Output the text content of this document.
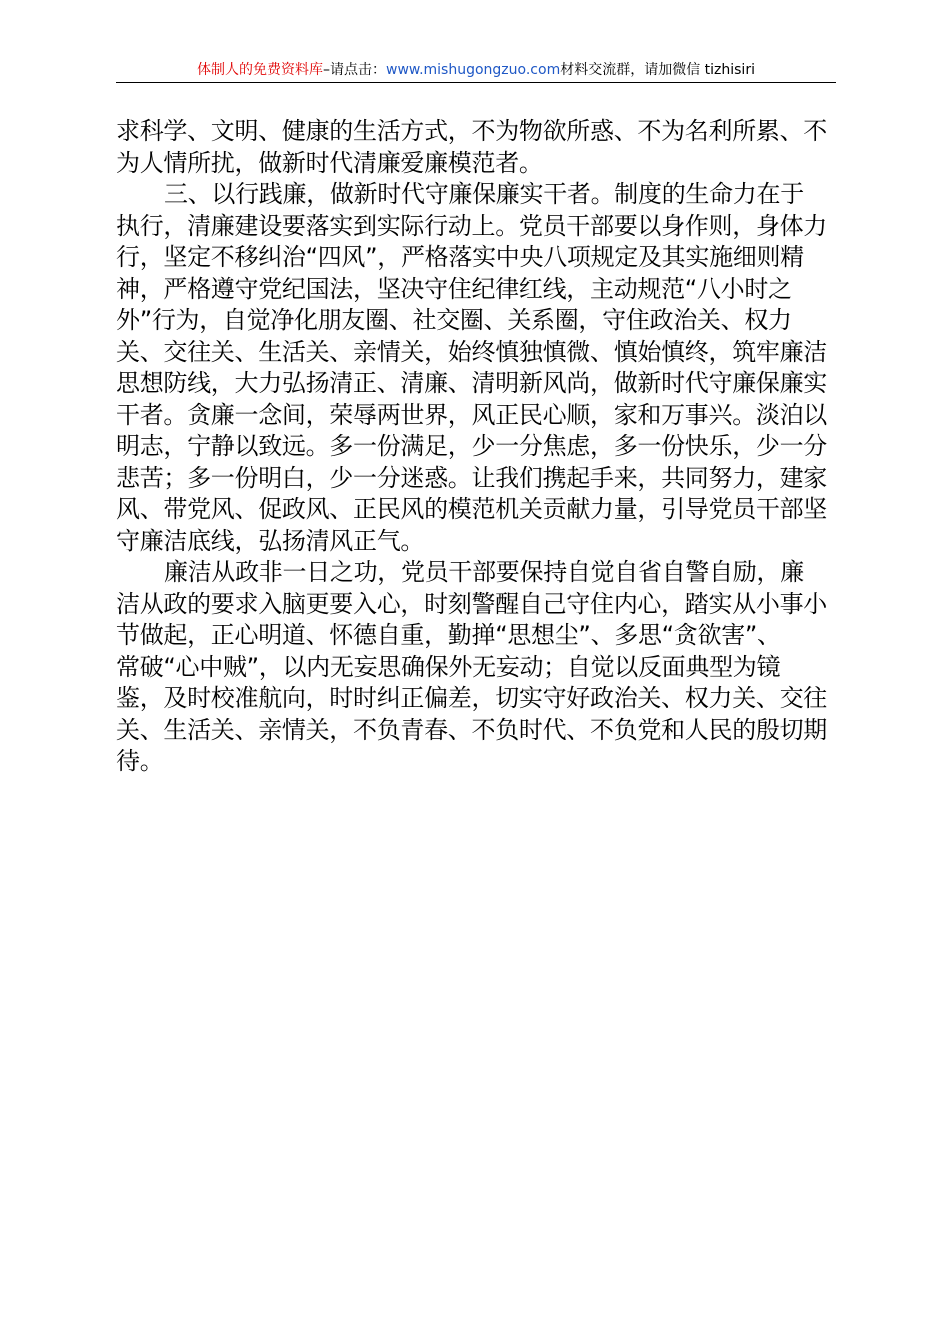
体制人的免费资料库–请点击：www.mishugongzuo.com材料交流群，请加微信 tizhisiri

求科学、文明、健康的生活方式，不为物欲所惑、不为名利所累、不
为人情所扰，做新时代清廉爱廉模范者。

三、以行践廉，做新时代守廉保廉实干者。制度的生命力在于
执行，清廉建设要落实到实际行动上。党员干部要以身作则，身体力
行，坚定不移纠治“四风”，严格落实中央八项规定及其实施细则精
神，严格遵守党纪国法，坚决守住纪律红线，主动规范“八小时之
外”行为，自觉净化朋友圈、社交圈、关系圈，守住政治关、权力
关、交往关、生活关、亲情关，始终慎独慎微、慎始慎终，筑牢廉洁
思想防线，大力弘扬清正、清廉、清明新风尚，做新时代守廉保廉实
干者。贪廉一念间，荣辱两世界，风正民心顺，家和万事兴。淡泊以
明志，宁静以致远。多一份满足，少一分焦虑，多一份快乐，少一分
悲苦；多一份明白，少一分迷惑。让我们携起手来，共同努力，建家
风、带党风、促政风、正民风的模范机关贡献力量，引导党员干部坚
守廉洁底线，弘扬清风正气。

廉洁从政非一日之功，党员干部要保持自觉自省自警自励，廉
洁从政的要求入脑更要入心，时刻警醒自己守住内心，踏实从小事小
节做起，正心明道、怀德自重，勤掸“思想尘”、多思“贪欲害”、
常破“心中贼”，以内无妄思确保外无妄动；自觉以反面典型为镜
鉴，及时校准航向，时时纠正偏差，切实守好政治关、权力关、交往
关、生活关、亲情关，不负青春、不负时代、不负党和人民的殷切期
待。
